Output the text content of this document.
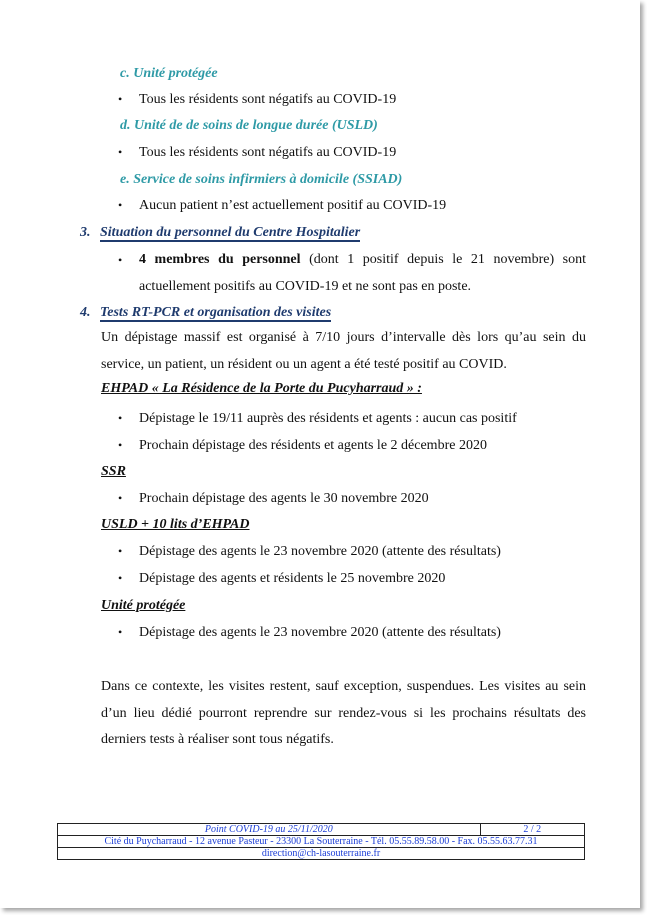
c. Unité protégée

• Tous les résidents sont négatifs au COVID-19

d. Unité de de soins de longue durée (USLD)

• Tous les résidents sont négatifs au COVID-19

e. Service de soins infirmiers à domicile (SSIAD)

• Aucun patient n’est actuellement positif au COVID-19

3. Situation du personnel du Centre Hospitalier

• 4 membres du personnel (dont 1 positif depuis le 21 novembre) sont actuellement positifs au COVID-19 et ne sont pas en poste.

4. Tests RT-PCR et organisation des visites

Un dépistage massif est organisé à 7/10 jours d’intervalle dès lors qu’au sein du service, un patient, un résident ou un agent a été testé positif au COVID.

EHPAD « La Résidence de la Porte du Pucyharraud » :

• Dépistage le 19/11 auprès des résidents et agents : aucun cas positif

• Prochain dépistage des résidents et agents le 2 décembre 2020

SSR

• Prochain dépistage des agents le 30 novembre 2020

USLD + 10 lits d’EHPAD

• Dépistage des agents le 23 novembre 2020 (attente des résultats)

• Dépistage des agents et résidents le 25 novembre 2020

Unité protégée

• Dépistage des agents le 23 novembre 2020 (attente des résultats)

Dans ce contexte, les visites restent, sauf exception, suspendues. Les visites au sein d’un lieu dédié pourront reprendre sur rendez-vous si les prochains résultats des derniers tests à réaliser sont tous négatifs.

Point COVID-19 au 25/11/2020	2 / 2
Cité du Puycharraud - 12 avenue Pasteur - 23300 La Souterraine - Tél. 05.55.89.58.00 - Fax. 05.55.63.77.31
direction@ch-lasouterraine.fr
